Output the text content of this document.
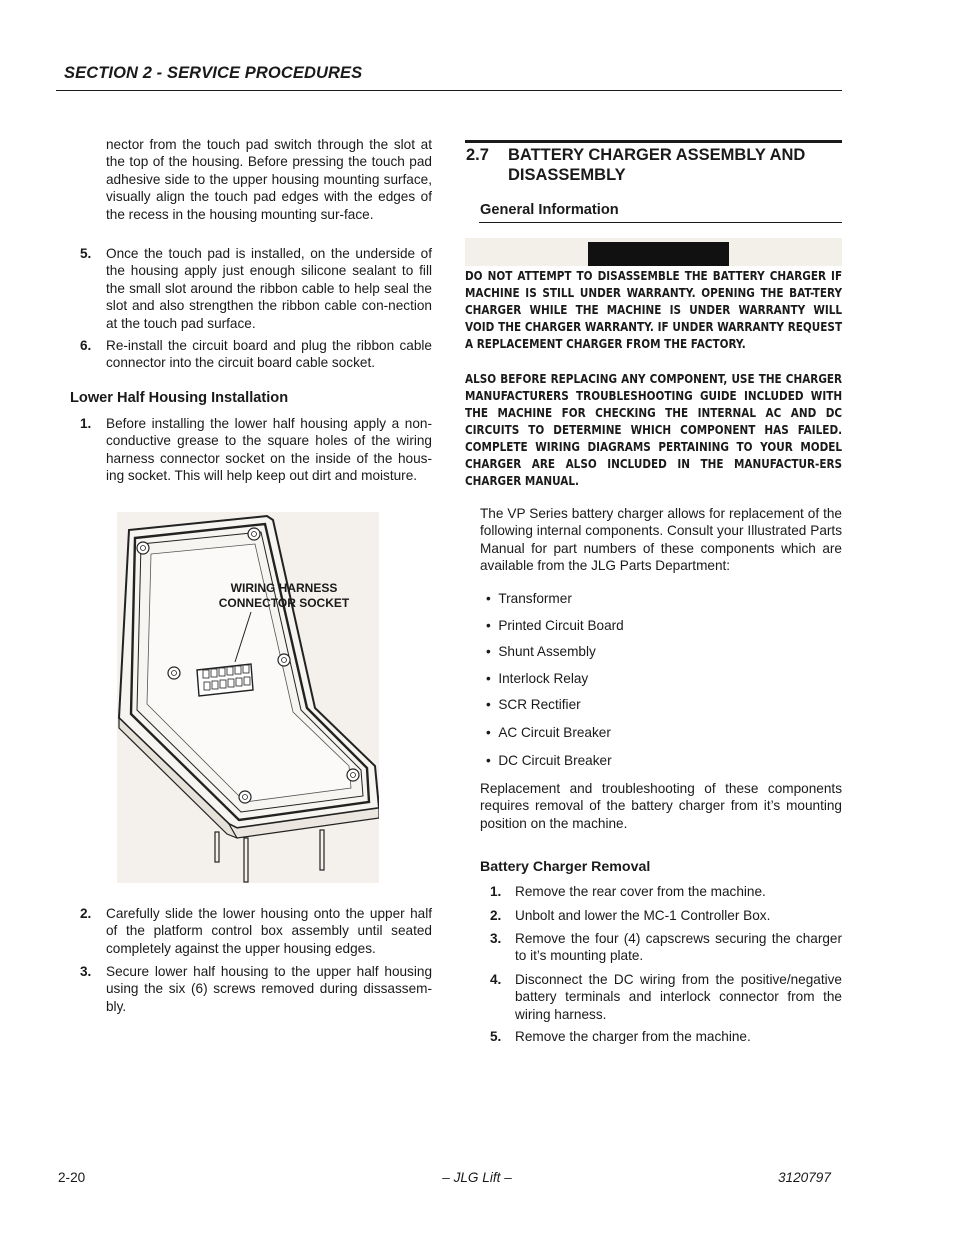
SECTION 2 - SERVICE PROCEDURES

nector from the touch pad switch through the slot at the top of the housing. Before pressing the touch pad adhesive side to the upper housing mounting surface, visually align the touch pad edges with the edges of the recess in the housing mounting sur-face.

5. Once the touch pad is installed, on the underside of the housing apply just enough silicone sealant to fill the small slot around the ribbon cable to help seal the slot and also strengthen the ribbon cable con-nection at the touch pad surface.
6. Re-install the circuit board and plug the ribbon cable connector into the circuit board cable socket.
Lower Half Housing Installation
1. Before installing the lower half housing apply a non-conductive grease to the square holes of the wiring harness connector socket on the inside of the hous-ing socket. This will help keep out dirt and moisture.
WIRING HARNESS
CONNECTOR SOCKET
2. Carefully slide the lower housing onto the upper half of the platform control box assembly until seated completely against the upper housing edges.
3. Secure lower half housing to the upper half housing using the six (6) screws removed during dissassem-bly.
2.7 BATTERY CHARGER ASSEMBLY AND DISASSEMBLY
General Information
DO NOT ATTEMPT TO DISASSEMBLE THE BATTERY CHARGER IF MACHINE IS STILL UNDER WARRANTY. OPENING THE BAT-TERY CHARGER WHILE THE MACHINE IS UNDER WARRANTY WILL VOID THE CHARGER WARRANTY. IF UNDER WARRANTY REQUEST A REPLACEMENT CHARGER FROM THE FACTORY.
ALSO BEFORE REPLACING ANY COMPONENT, USE THE CHARGER MANUFACTURERS TROUBLESHOOTING GUIDE INCLUDED WITH THE MACHINE FOR CHECKING THE INTERNAL AC AND DC CIRCUITS TO DETERMINE WHICH COMPONENT HAS FAILED. COMPLETE WIRING DIAGRAMS PERTAINING TO YOUR MODEL CHARGER ARE ALSO INCLUDED IN THE MANUFACTUR-ERS CHARGER MANUAL.

The VP Series battery charger allows for replacement of the following internal components. Consult your Illustrated Parts Manual for part numbers of these components which are available from the JLG Parts Department:

•  Transformer
•  Printed Circuit Board
•  Shunt Assembly
•  Interlock Relay
•  SCR Rectifier
•  AC Circuit Breaker
•  DC Circuit Breaker

Replacement and troubleshooting of these components requires removal of the battery charger from it’s mounting position on the machine.

Battery Charger Removal
1. Remove the rear cover from the machine.
2. Unbolt and lower the MC-1 Controller Box.
3. Remove the four (4) capscrews securing the charger to it’s mounting plate.
4. Disconnect the DC wiring from the positive/negative battery terminals and interlock connector from the wiring harness.
5. Remove the charger from the machine.
2-20	– JLG Lift –	3120797
